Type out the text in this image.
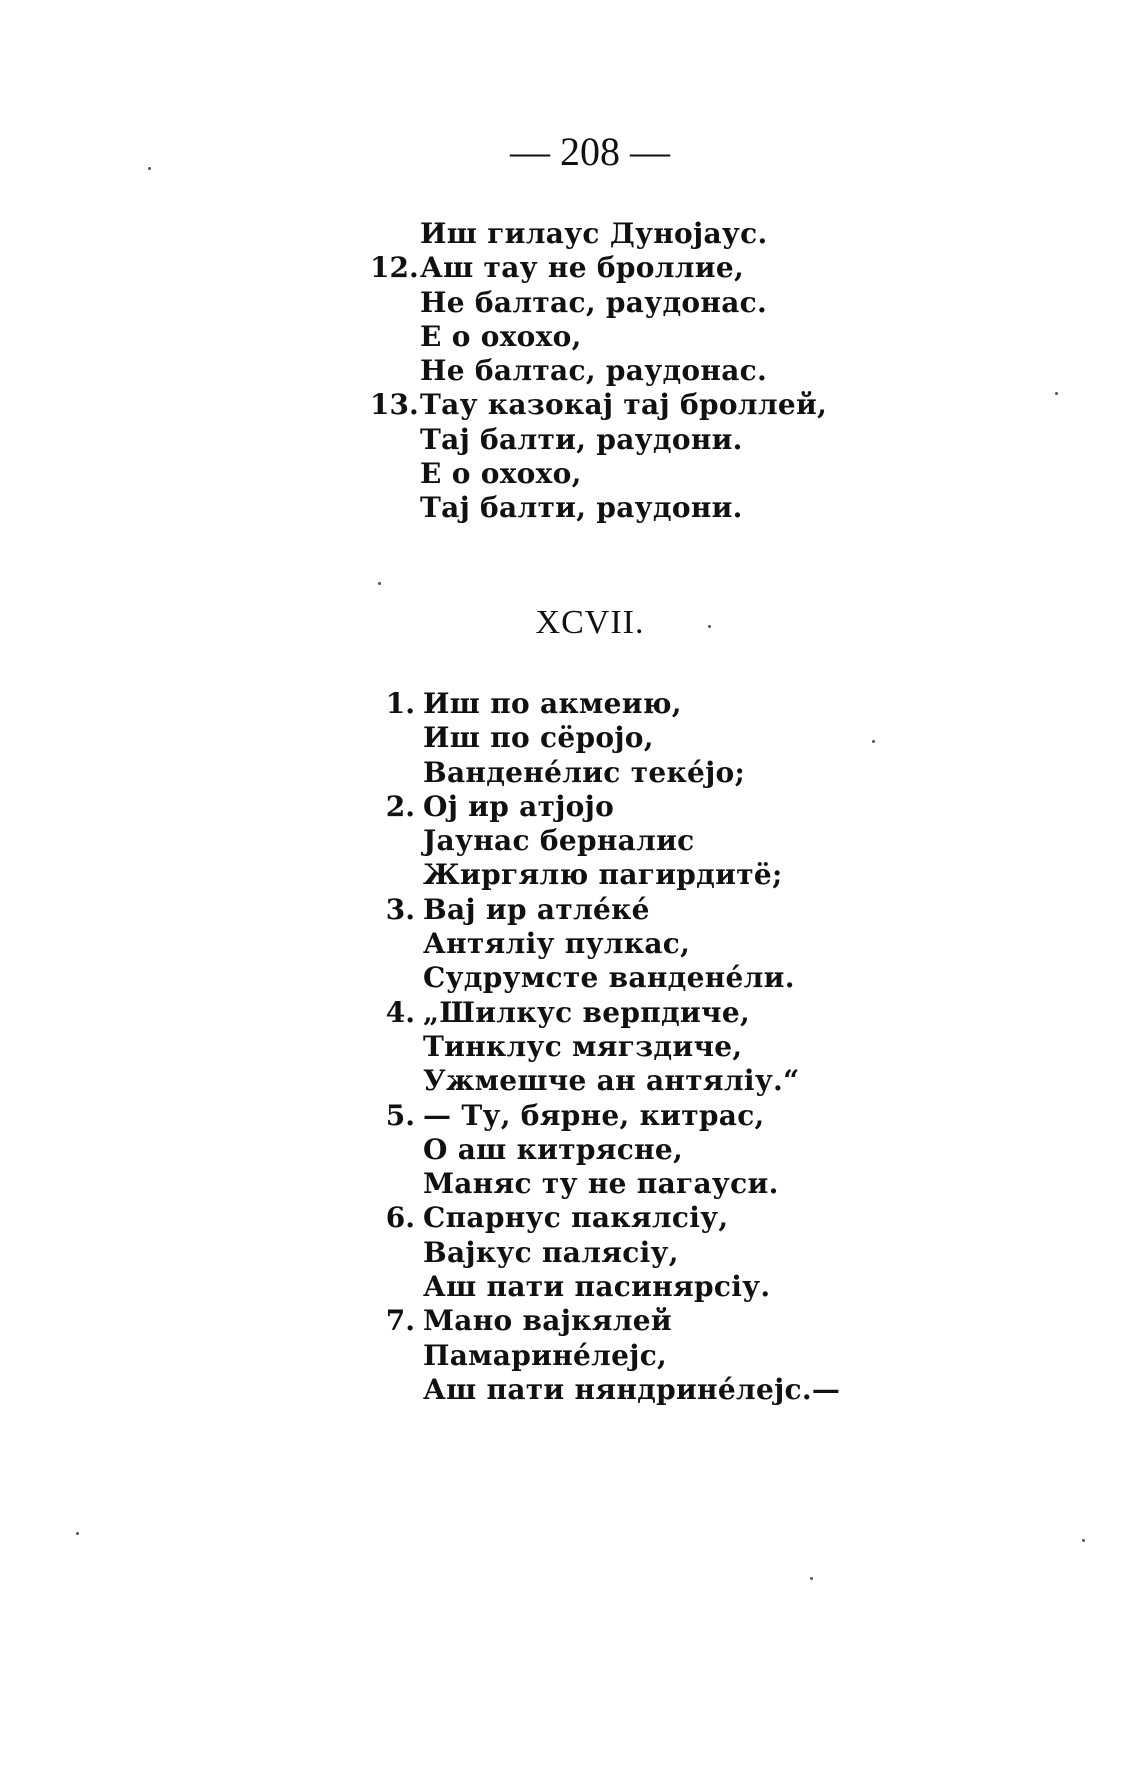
— 208 —
Иш гилаус Дунојаус.
12. Аш тау не броллие,
Не балтас, раудонас.
Е о охохо,
Не балтас, раудонас.
13. Тау казокај тај броллей,
Тај балти, раудони.
Е о охохо,
Тај балти, раудони.
XCVII.
1. Иш по акмеию,
Иш по сёројо,
Ванденéлис текéјо;
2. Ој ир атјојо
Јаунас берналис
Жиргялю пагирдитё;
3. Вај ир атлéкé
Антялiу пулкас,
Судрумсте ванденéли.
4. „Шилкус верпдиче,
Тинклус мягздиче,
Ужмешче ан антялiу.“
5. — Ту, бярне, китрас,
О аш китрясне,
Маняс ту не пагауси.
6. Спарнус пакялсiу,
Вајкус палясiу,
Аш пати пасинярсiу.
7. Мано вајкялей
Памаринéлејс,
Аш пати няндринéлејс.—
